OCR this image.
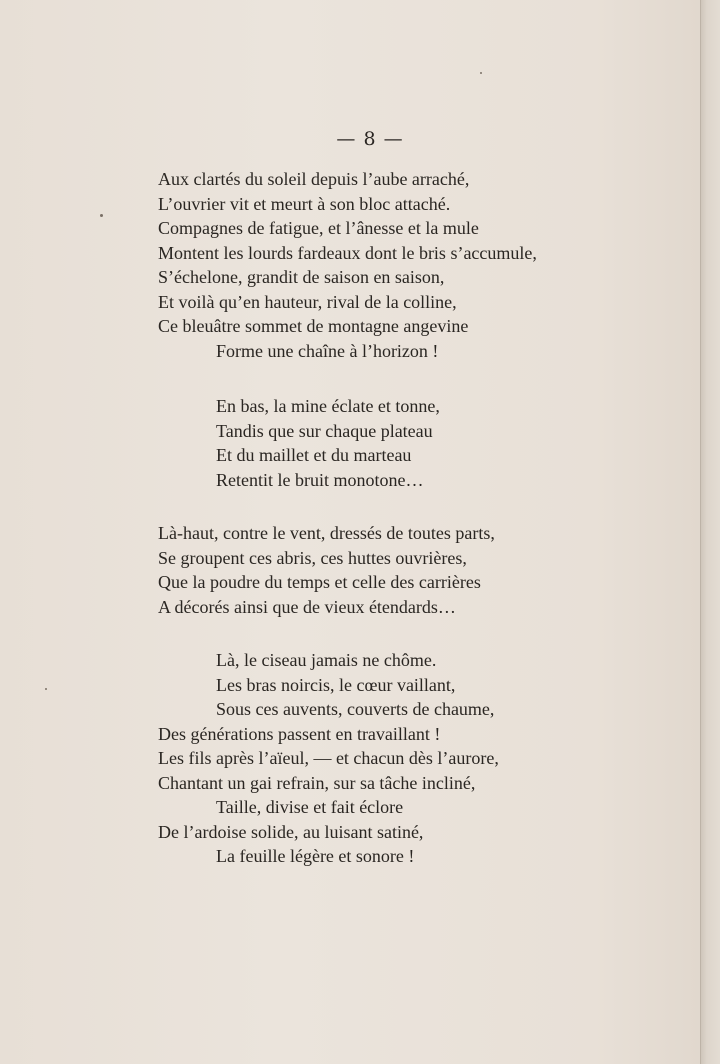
— 8 —
Aux clartés du soleil depuis l’aube arraché,
L’ouvrier vit et meurt à son bloc attaché.
Compagnes de fatigue, et l’ânesse et la mule
Montent les lourds fardeaux dont le bris s’accumule,
S’échelone, grandit de saison en saison,
Et voilà qu’en hauteur, rival de la colline,
Ce bleuâtre sommet de montagne angevine
Forme une chaîne à l’horizon !
En bas, la mine éclate et tonne,
Tandis que sur chaque plateau
Et du maillet et du marteau
Retentit le bruit monotone…
Là-haut, contre le vent, dressés de toutes parts,
Se groupent ces abris, ces huttes ouvrières,
Que la poudre du temps et celle des carrières
A décorés ainsi que de vieux étendards…
Là, le ciseau jamais ne chôme.
Les bras noircis, le cœur vaillant,
Sous ces auvents, couverts de chaume,
Des générations passent en travaillant !
Les fils après l’aïeul, — et chacun dès l’aurore,
Chantant un gai refrain, sur sa tâche incliné,
Taille, divise et fait éclore
De l’ardoise solide, au luisant satiné,
La feuille légère et sonore !
